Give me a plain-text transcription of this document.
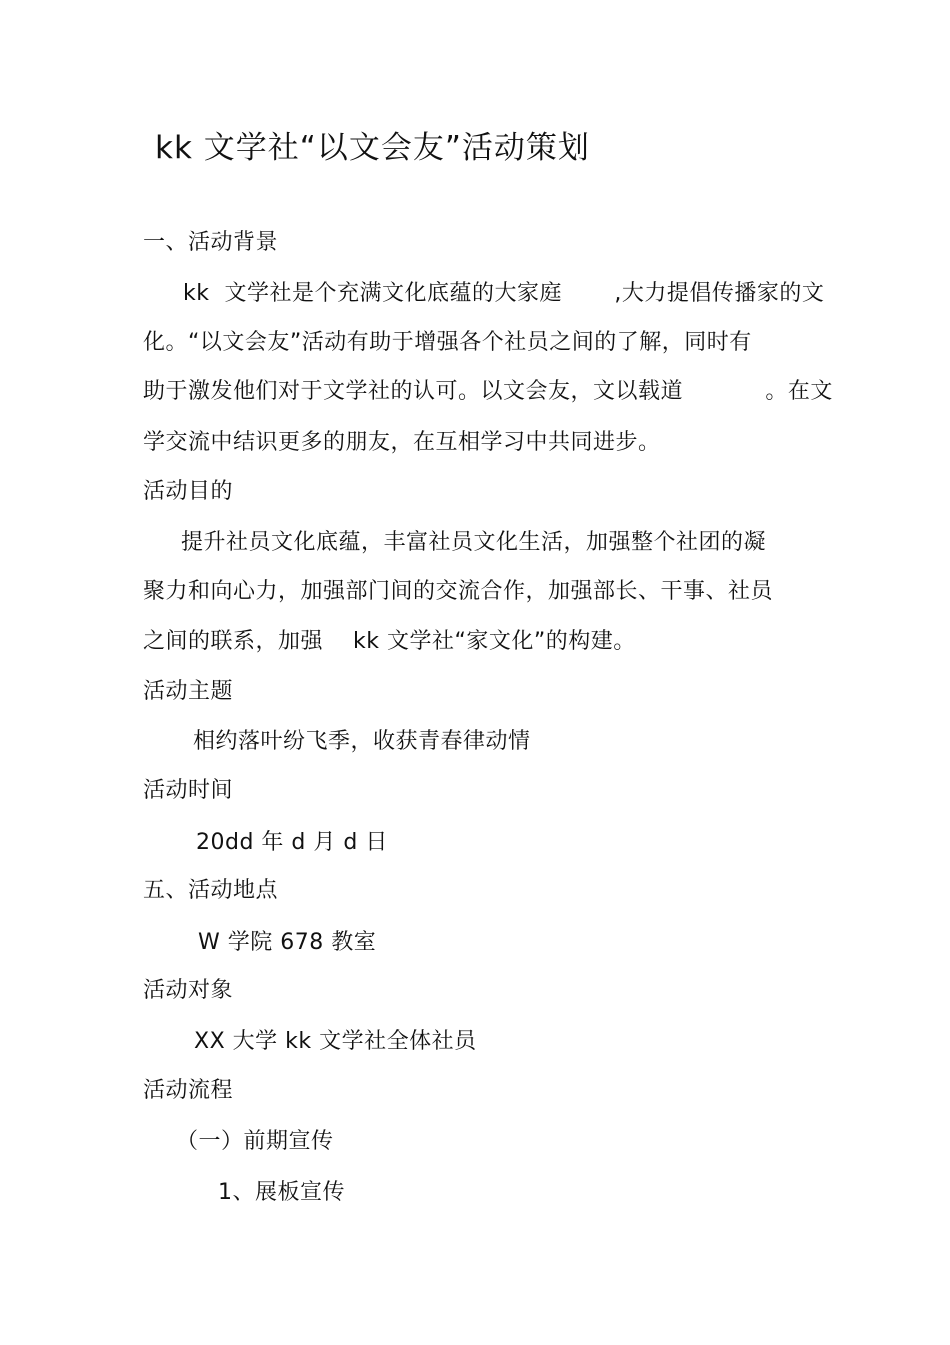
kk 文学社“以文会友”活动策划
一、活动背景
kk  文学社是个充满文化底蕴的大家庭       ,大力提倡传播家的文
化。“以文会友”活动有助于增强各个社员之间的了解，同时有
助于激发他们对于文学社的认可。以文会友，文以载道           。在文
学交流中结识更多的朋友，在互相学习中共同进步。
活动目的
提升社员文化底蕴，丰富社员文化生活，加强整个社团的凝
聚力和向心力，加强部门间的交流合作，加强部长、干事、社员
之间的联系，加强    kk 文学社“家文化”的构建。
活动主题
相约落叶纷飞季，收获青春律动情
活动时间
20dd 年 d 月 d 日
五、活动地点
W 学院 678 教室
活动对象
XX 大学 kk 文学社全体社员
活动流程
（一）前期宣传
1、展板宣传
